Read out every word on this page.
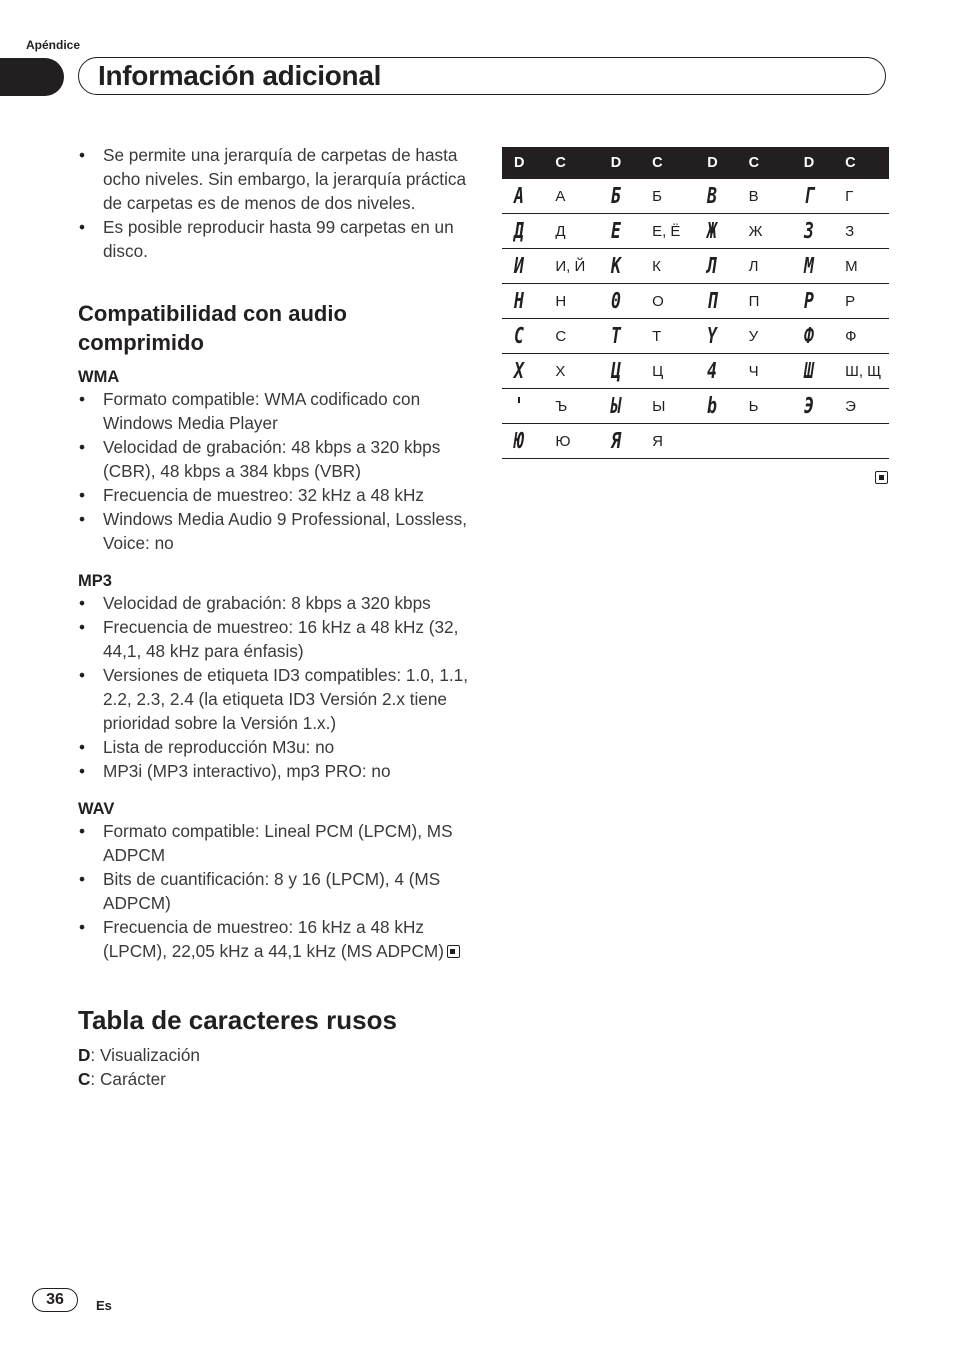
Apéndice
Información adicional
• Se permite una jerarquía de carpetas de hasta ocho niveles. Sin embargo, la jerarquía práctica de carpetas es de menos de dos niveles.
• Es posible reproducir hasta 99 carpetas en un disco.
Compatibilidad con audio comprimido
WMA
• Formato compatible: WMA codificado con Windows Media Player
• Velocidad de grabación: 48 kbps a 320 kbps (CBR), 48 kbps a 384 kbps (VBR)
• Frecuencia de muestreo: 32 kHz a 48 kHz
• Windows Media Audio 9 Professional, Lossless, Voice: no
MP3
• Velocidad de grabación: 8 kbps a 320 kbps
• Frecuencia de muestreo: 16 kHz a 48 kHz (32, 44,1, 48 kHz para énfasis)
• Versiones de etiqueta ID3 compatibles: 1.0, 1.1, 2.2, 2.3, 2.4 (la etiqueta ID3 Versión 2.x tiene prioridad sobre la Versión 1.x.)
• Lista de reproducción M3u: no
• MP3i (MP3 interactivo), mp3 PRO: no
WAV
• Formato compatible: Lineal PCM (LPCM), MS ADPCM
• Bits de cuantificación: 8 y 16 (LPCM), 4 (MS ADPCM)
• Frecuencia de muestreo: 16 kHz a 48 kHz (LPCM), 22,05 kHz a 44,1 kHz (MS ADPCM)
Tabla de caracteres rusos
D: Visualización
C: Carácter
D	C	D	C	D	C	D	C
A	А	Б	Б	B	В	Г	Г
Д	Д	E	Е, Ё	Ж	Ж	З	З
И	И, Й	K	К	Л	Л	M	М
H	Н	0	О	П	П	P	Р
C	С	T	Т	Y	У	Ф	Ф
X	Х	Ц	Ц	4	Ч	Ш	Ш, Щ
'	Ъ	Ы	Ы	b	Ь	Э	Э
Ю	Ю	Я	Я				
36	Es
